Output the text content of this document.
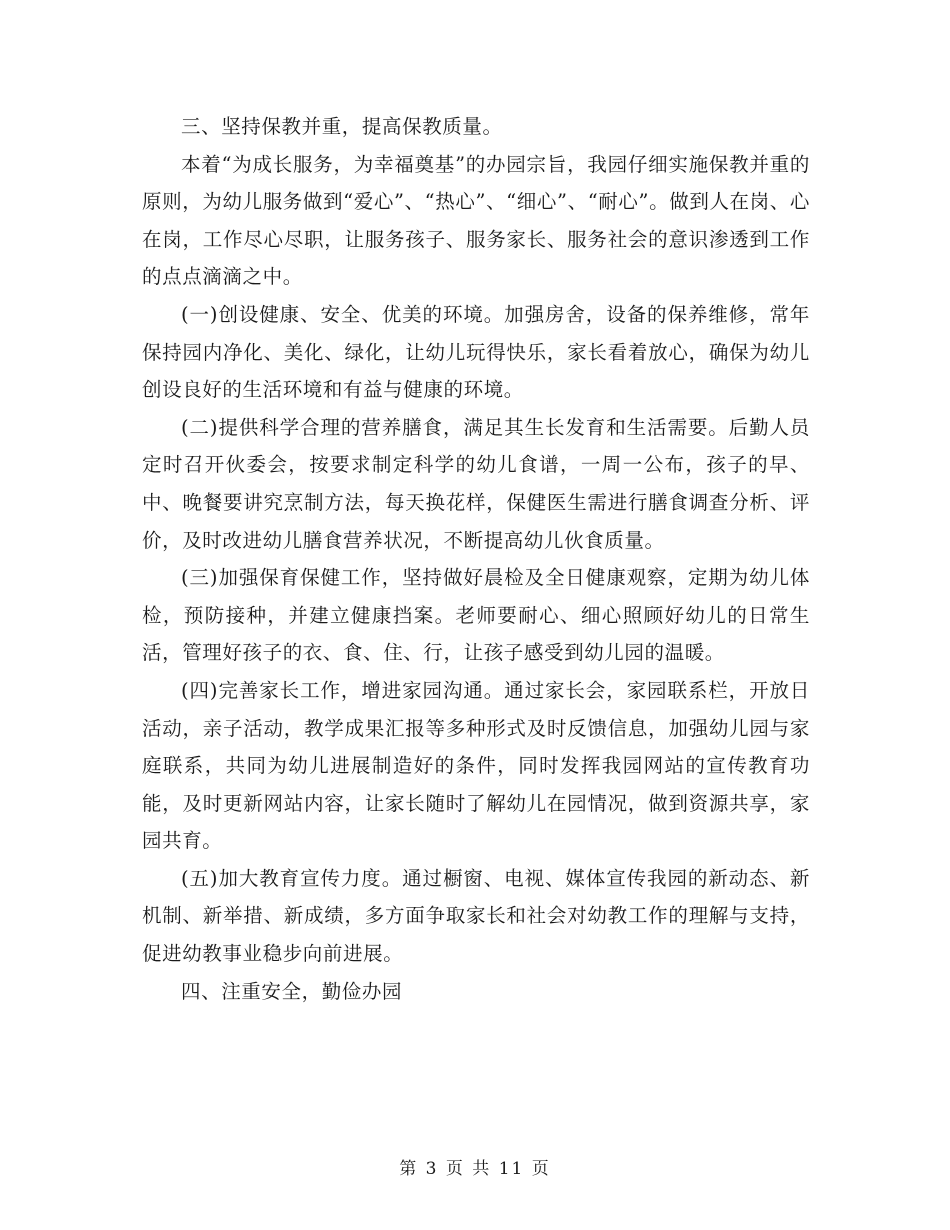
三、坚持保教并重，提高保教质量。

本着“为成长服务，为幸福奠基”的办园宗旨，我园仔细实施保教并重的原则，为幼儿服务做到“爱心”、“热心”、“细心”、“耐心”。做到人在岗、心在岗，工作尽心尽职，让服务孩子、服务家长、服务社会的意识渗透到工作的点点滴滴之中。

(一)创设健康、安全、优美的环境。加强房舍，设备的保养维修，常年保持园内净化、美化、绿化，让幼儿玩得快乐，家长看着放心，确保为幼儿创设良好的生活环境和有益与健康的环境。

(二)提供科学合理的营养膳食，满足其生长发育和生活需要。后勤人员定时召开伙委会，按要求制定科学的幼儿食谱，一周一公布，孩子的早、中、晚餐要讲究烹制方法，每天换花样，保健医生需进行膳食调查分析、评价，及时改进幼儿膳食营养状况，不断提高幼儿伙食质量。

(三)加强保育保健工作，坚持做好晨检及全日健康观察，定期为幼儿体检，预防接种，并建立健康挡案。老师要耐心、细心照顾好幼儿的日常生活，管理好孩子的衣、食、住、行，让孩子感受到幼儿园的温暖。

(四)完善家长工作，增进家园沟通。通过家长会，家园联系栏，开放日活动，亲子活动，教学成果汇报等多种形式及时反馈信息，加强幼儿园与家庭联系，共同为幼儿进展制造好的条件，同时发挥我园网站的宣传教育功能，及时更新网站内容，让家长随时了解幼儿在园情况，做到资源共享，家园共育。

(五)加大教育宣传力度。通过橱窗、电视、媒体宣传我园的新动态、新机制、新举措、新成绩，多方面争取家长和社会对幼教工作的理解与支持，促进幼教事业稳步向前进展。

四、注重安全，勤俭办园

第 3 页 共 11 页
